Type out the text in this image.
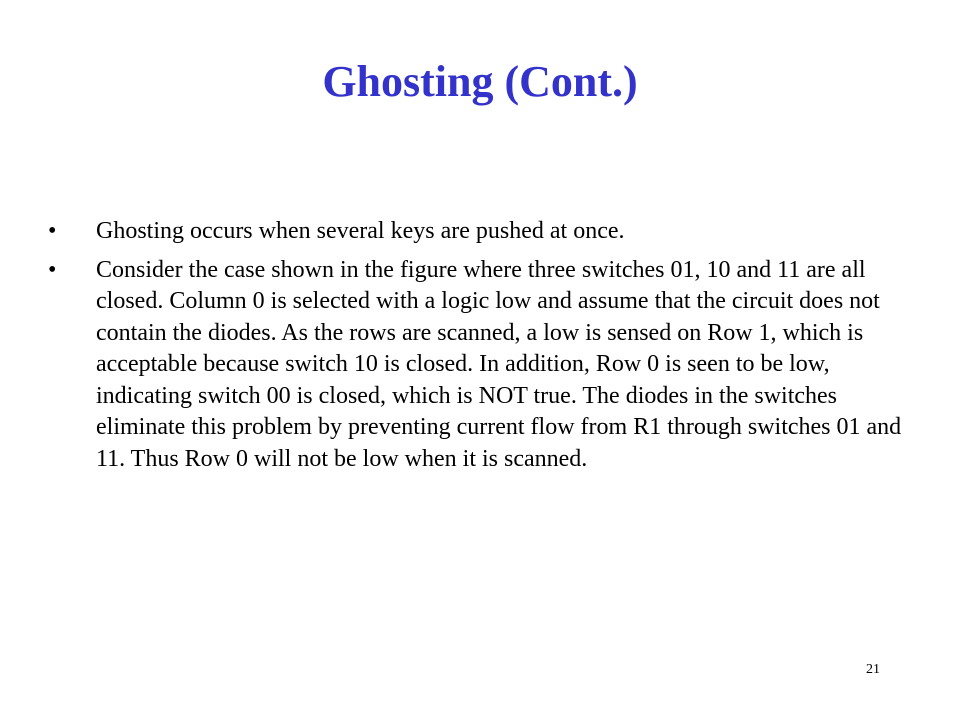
Ghosting (Cont.)
•	Ghosting occurs when several keys are pushed at once.
•	Consider the case shown in the figure where three switches 01, 10 and 11 are all closed. Column 0 is selected with a logic low and assume that the circuit does not contain the diodes. As the rows are scanned, a low is sensed on Row 1, which is acceptable because switch 10 is closed. In addition, Row 0 is seen to be low, indicating switch 00 is closed, which is NOT true. The diodes in the switches eliminate this problem by preventing current flow from R1 through switches 01 and 11. Thus Row 0 will not be low when it is scanned.
21
